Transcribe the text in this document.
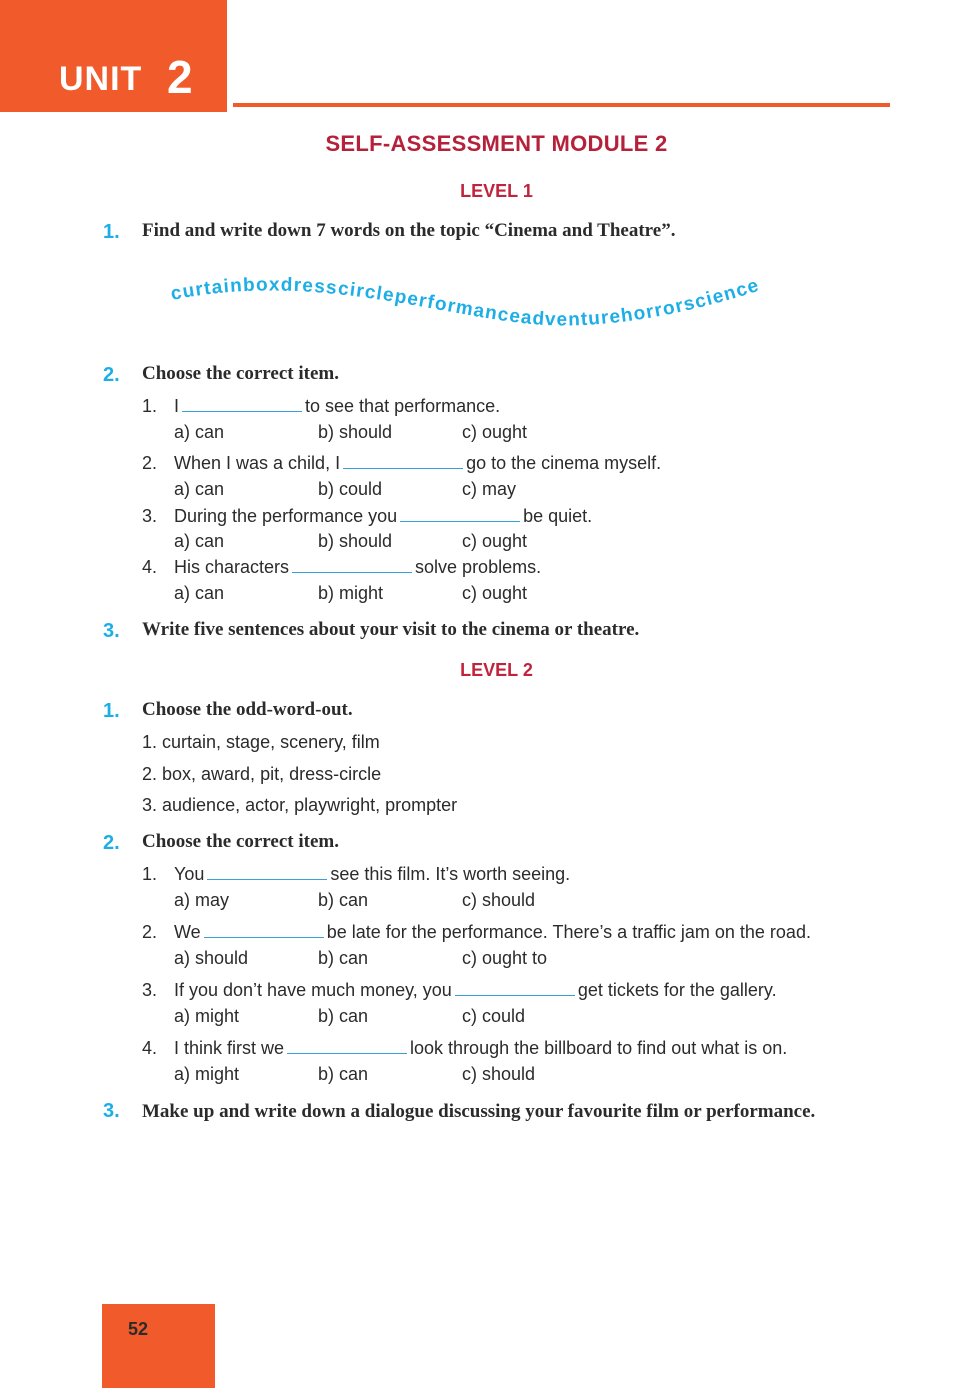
UNIT 2
SELF-ASSESSMENT MODULE 2
LEVEL 1
1. Find and write down 7 words on the topic “Cinema and Theatre”.
curtainboxdresscircleperformanceadventurehorrorscience
2. Choose the correct item.
1. I	to see that performance.
a) can	b) should	c) ought
2. When I was a child, I	go to the cinema myself.
a) can	b) could	c) may
3. During the performance you	be quiet.
a) can	b) should	c) ought
4. His characters	solve problems.
a) can	b) might	c) ought
3. Write five sentences about your visit to the cinema or theatre.
LEVEL 2
1. Choose the odd-word-out.
1. curtain, stage, scenery, film
2. box, award, pit, dress-circle
3. audience, actor, playwright, prompter
2. Choose the correct item.
1. You	see this film. It’s worth seeing.
a) may	b) can	c) should
2. We	be late for the performance. There’s a traffic jam on the road.
a) should	b) can	c) ought to
3. If you don’t have much money, you	get tickets for the gallery.
a) might	b) can	c) could
4. I think first we	look through the billboard to find out what is on.
a) might	b) can	c) should
3. Make up and write down a dialogue discussing your favourite film or performance.
52
